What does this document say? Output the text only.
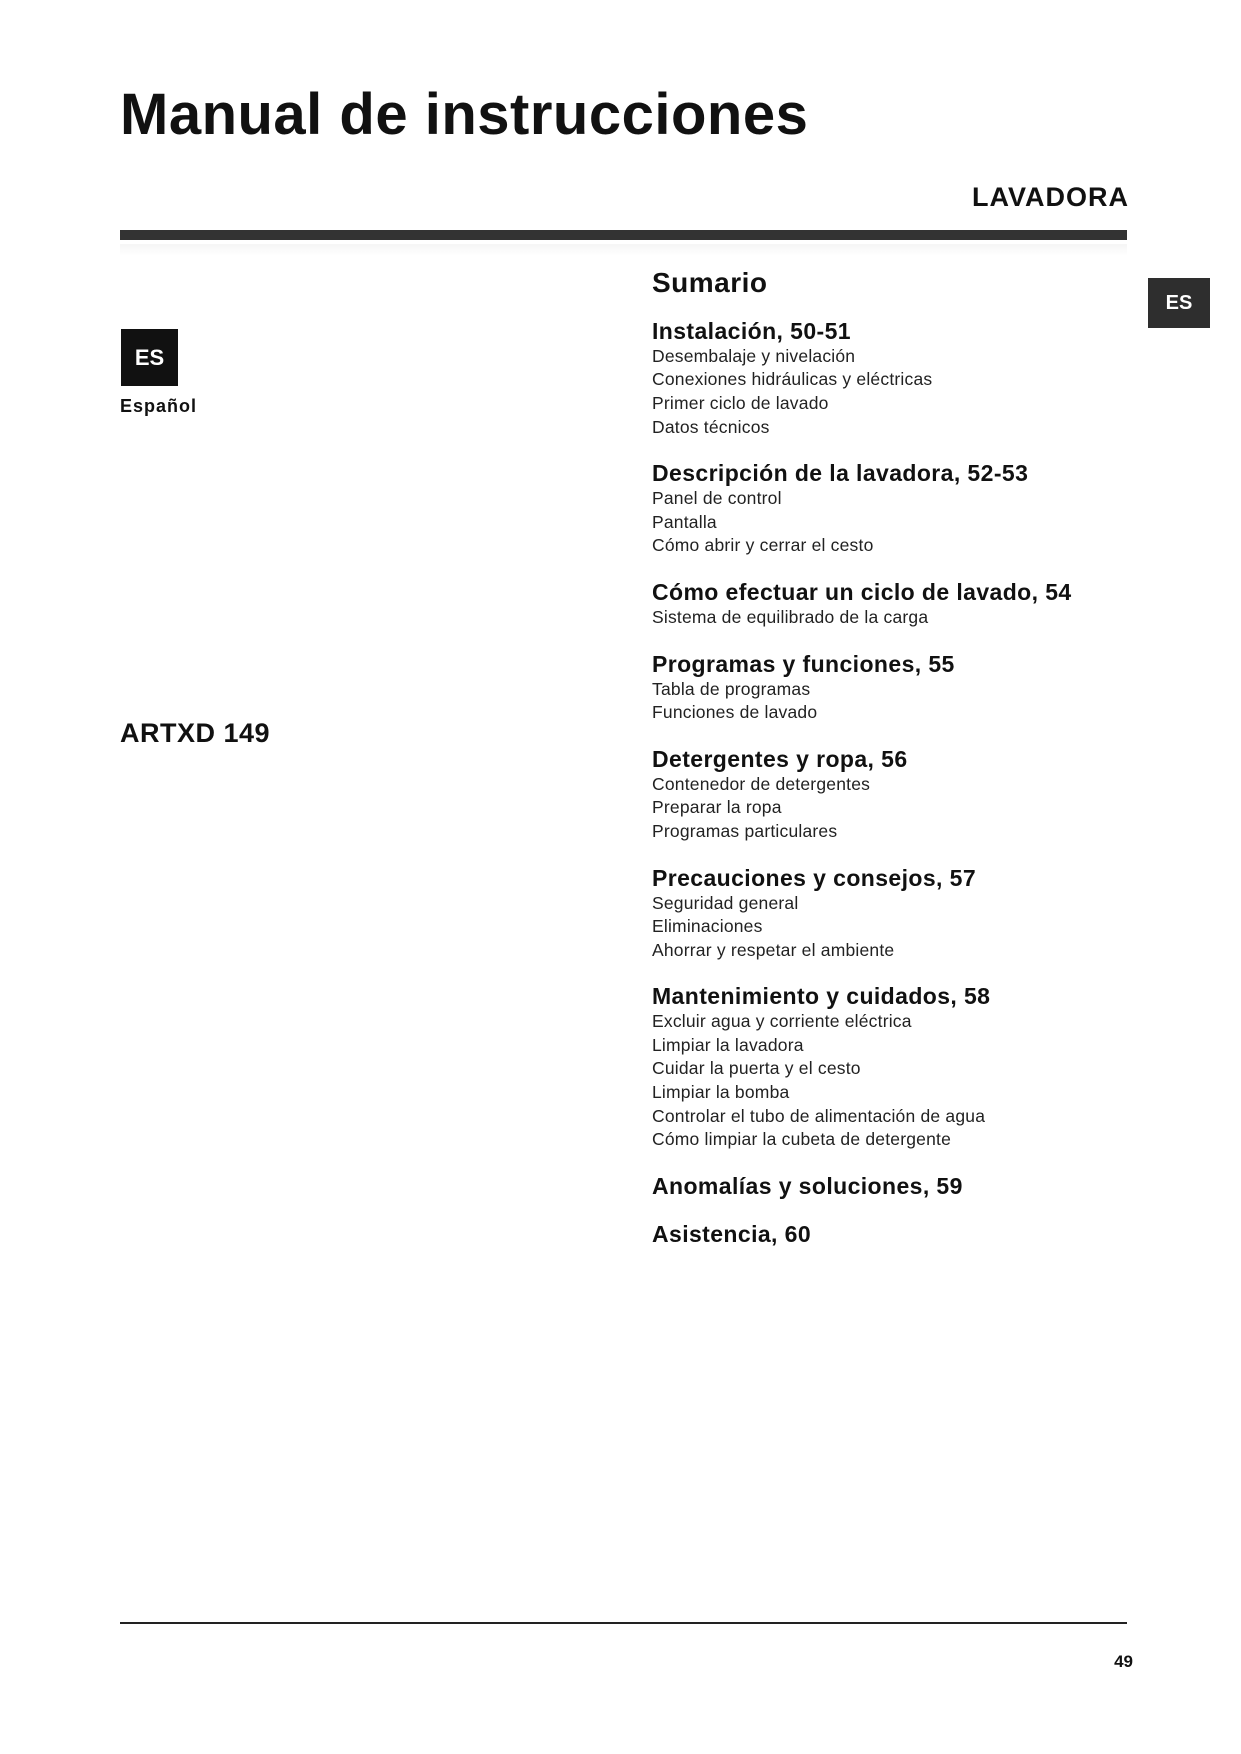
Manual de instrucciones
LAVADORA
ES
ES
Español
ARTXD 149
Sumario
Instalación, 50-51
Desembalaje y nivelación
Conexiones hidráulicas y eléctricas
Primer ciclo de lavado
Datos técnicos
Descripción de la lavadora, 52-53
Panel de control
Pantalla
Cómo abrir y cerrar el cesto
Cómo efectuar un ciclo de lavado, 54
Sistema de equilibrado de la carga
Programas y funciones, 55
Tabla de programas
Funciones de lavado
Detergentes y ropa, 56
Contenedor de detergentes
Preparar la ropa
Programas particulares
Precauciones y consejos, 57
Seguridad general
Eliminaciones
Ahorrar y respetar el ambiente
Mantenimiento y cuidados, 58
Excluir agua y corriente eléctrica
Limpiar la lavadora
Cuidar la puerta y el cesto
Limpiar la bomba
Controlar el tubo de alimentación de agua
Cómo limpiar la cubeta de detergente
Anomalías y soluciones, 59
Asistencia, 60
49
